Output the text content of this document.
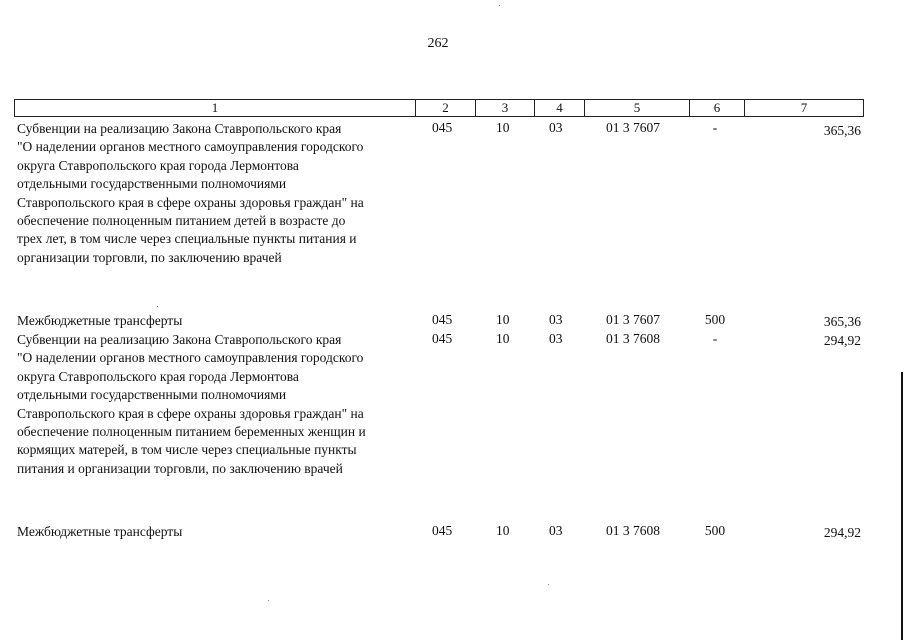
262
1	2	3	4	5	6	7
Субвенции на реализацию Закона Ставропольского края
"О наделении органов местного самоуправления городского
округа Ставропольского края города Лермонтова
отдельными государственными полномочиями
Ставропольского края в сфере охраны здоровья граждан" на
обеспечение полноценным питанием детей в возрасте до
трех лет, в том числе через специальные пункты питания и
организации торговли, по заключению врачей
045	10	03	01 3 7607	-	365,36
Межбюджетные трансферты	045	10	03	01 3 7607	500	365,36
Субвенции на реализацию Закона Ставропольского края
"О наделении органов местного самоуправления городского
округа Ставропольского края города Лермонтова
отдельными государственными полномочиями
Ставропольского края в сфере охраны здоровья граждан" на
обеспечение полноценным питанием беременных женщин и
кормящих матерей, в том числе через специальные пункты
питания и организации торговли, по заключению врачей
045	10	03	01 3 7608	-	294,92
Межбюджетные трансферты	045	10	03	01 3 7608	500	294,92
